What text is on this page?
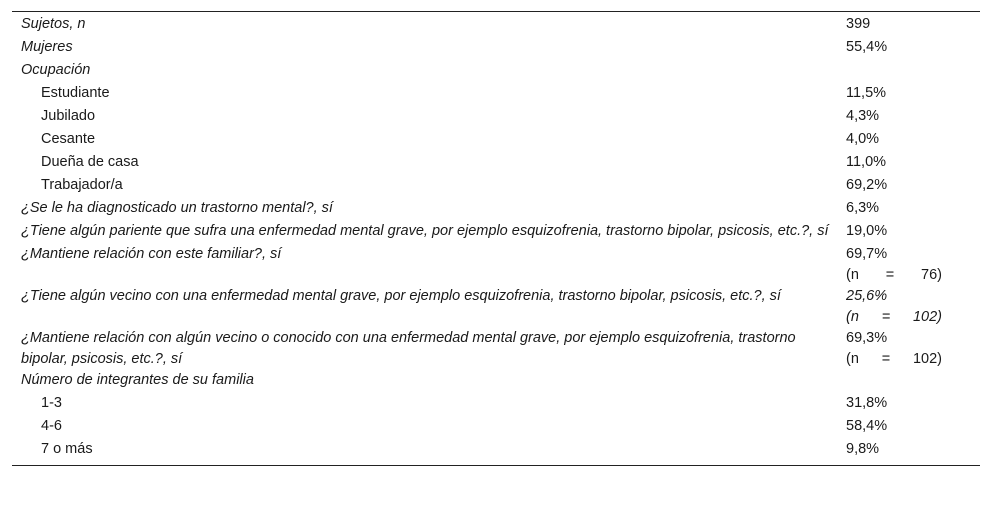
Sujetos, n	399

Mujeres	55,4%

Ocupación	

Estudiante	11,5%

Jubilado	4,3%

Cesante	4,0%

Dueña de casa	11,0%

Trabajador/a	69,2%

¿Se le ha diagnosticado un trastorno mental?, sí	6,3%

¿Tiene algún pariente que sufra una enfermedad mental grave, por ejemplo esquizofrenia, trastorno bipolar, psicosis, etc.?, sí	19,0%

¿Mantiene relación con este familiar?, sí	69,7%
(n = 76)

¿Tiene algún vecino con una enfermedad mental grave, por ejemplo esquizofrenia, trastorno bipolar, psicosis, etc.?, sí	25,6%
(n = 102)

¿Mantiene relación con algún vecino o conocido con una enfermedad mental grave, por ejemplo esquizofrenia, trastorno bipolar, psicosis, etc.?, sí	69,3%
(n = 102)

Número de integrantes de su familia	

1-3	31,8%

4-6	58,4%

7 o más	9,8%
